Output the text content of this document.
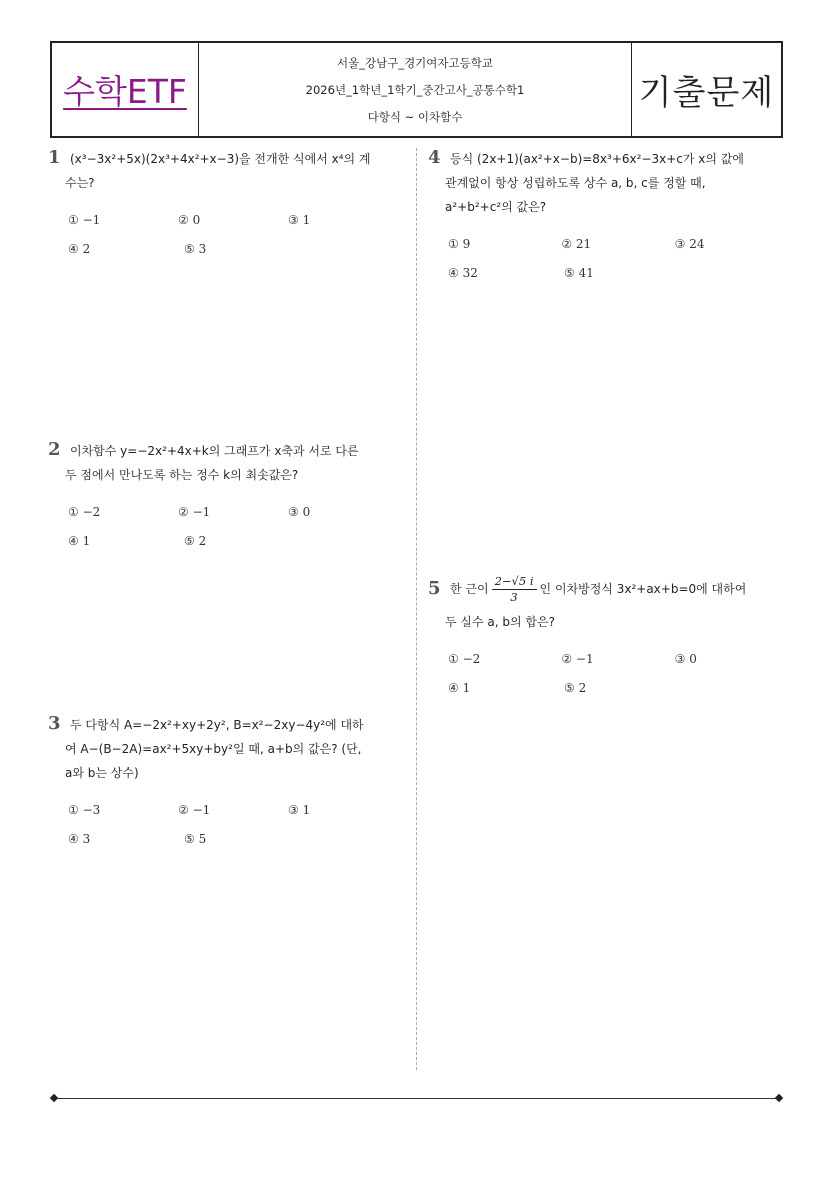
수학ETF
서울_강남구_경기여자고등학교
2026년_1학년_1학기_중간고사_공통수학1
다항식 ~ 이차함수
기출문제
1 (x³−3x²+5x)(2x³+4x²+x−3)을 전개한 식에서 x⁴의 계
수는?
① −1	② 0	③ 1
④ 2	⑤ 3
2 이차함수 y=−2x²+4x+k의 그래프가 x축과 서로 다른
두 점에서 만나도록 하는 정수 k의 최솟값은?
① −2	② −1	③ 0
④ 1	⑤ 2
3 두 다항식 A=−2x²+xy+2y², B=x²−2xy−4y²에 대하
여 A−(B−2A)=ax²+5xy+by²일 때, a+b의 값은? (단,
a와 b는 상수)
① −3	② −1	③ 1
④ 3	⑤ 5
4 등식 (2x+1)(ax²+x−b)=8x³+6x²−3x+c가 x의 값에
관계없이 항상 성립하도록 상수 a, b, c를 정할 때,
a²+b²+c²의 값은?
① 9	② 21	③ 24
④ 32	⑤ 41
5 한 근이 $\frac{2-√5 i}{3}$ 인 이차방정식 3x²+ax+b=0에 대하여
두 실수 a, b의 합은?
① −2	② −1	③ 0
④ 1	⑤ 2
